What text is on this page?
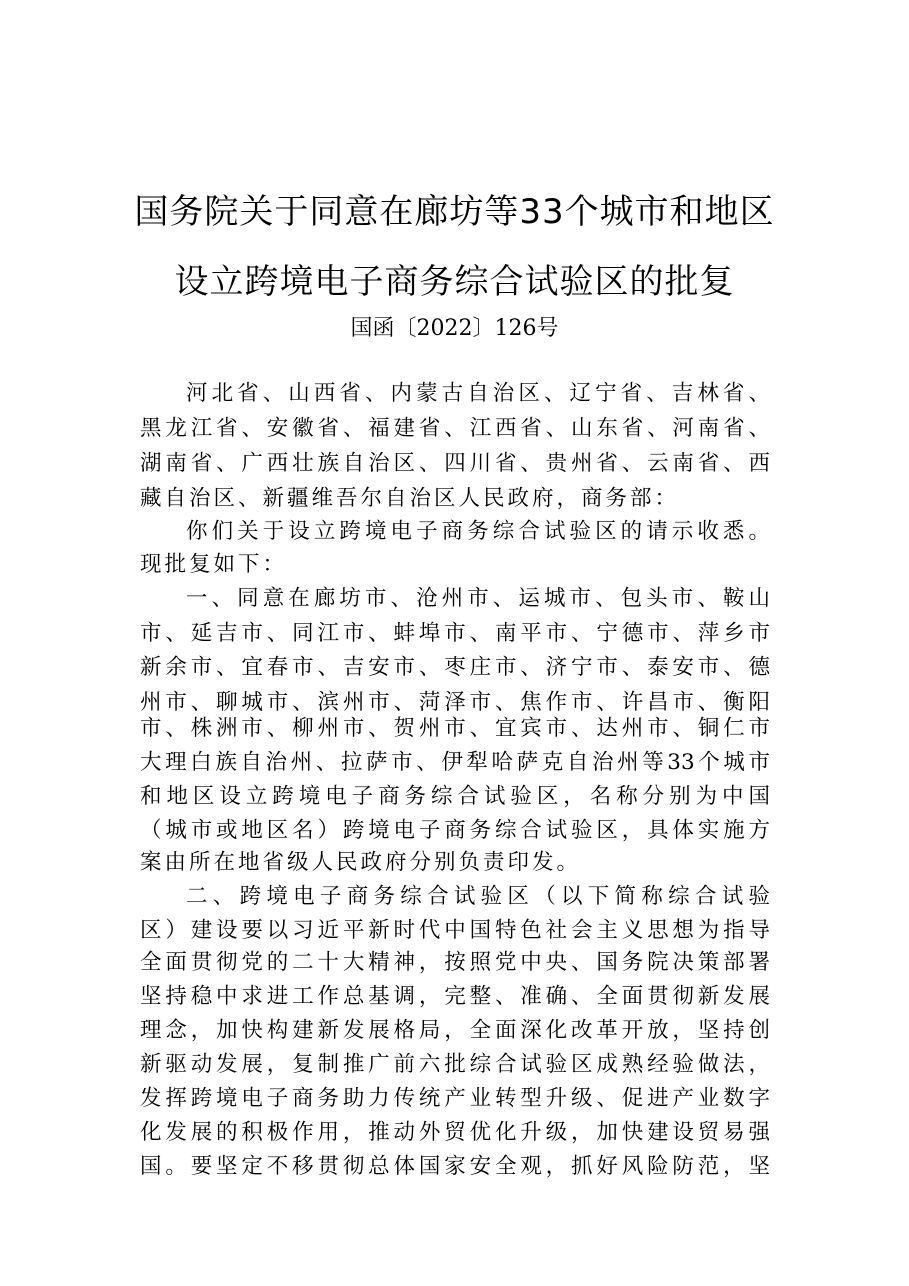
国务院关于同意在廊坊等33个城市和地区
设立跨境电子商务综合试验区的批复
国函〔2022〕126号
河北省、山西省、内蒙古自治区、辽宁省、吉林省、
黑龙江省、安徽省、福建省、江西省、山东省、河南省、
湖南省、广西壮族自治区、四川省、贵州省、云南省、西
藏自治区、新疆维吾尔自治区人民政府，商务部：
你们关于设立跨境电子商务综合试验区的请示收悉。
现批复如下：
一、同意在廊坊市、沧州市、运城市、包头市、鞍山
市、延吉市、同江市、蚌埠市、南平市、宁德市、萍乡市
新余市、宜春市、吉安市、枣庄市、济宁市、泰安市、德
州市、聊城市、滨州市、菏泽市、焦作市、许昌市、衡阳
市、株洲市、柳州市、贺州市、宜宾市、达州市、铜仁市
大理白族自治州、拉萨市、伊犁哈萨克自治州等33个城市
和地区设立跨境电子商务综合试验区，名称分别为中国
（城市或地区名）跨境电子商务综合试验区，具体实施方
案由所在地省级人民政府分别负责印发。
二、跨境电子商务综合试验区（以下简称综合试验
区）建设要以习近平新时代中国特色社会主义思想为指导
全面贯彻党的二十大精神，按照党中央、国务院决策部署
坚持稳中求进工作总基调，完整、准确、全面贯彻新发展
理念，加快构建新发展格局，全面深化改革开放，坚持创
新驱动发展，复制推广前六批综合试验区成熟经验做法，
发挥跨境电子商务助力传统产业转型升级、促进产业数字
化发展的积极作用，推动外贸优化升级，加快建设贸易强
国。要坚定不移贯彻总体国家安全观，抓好风险防范，坚
